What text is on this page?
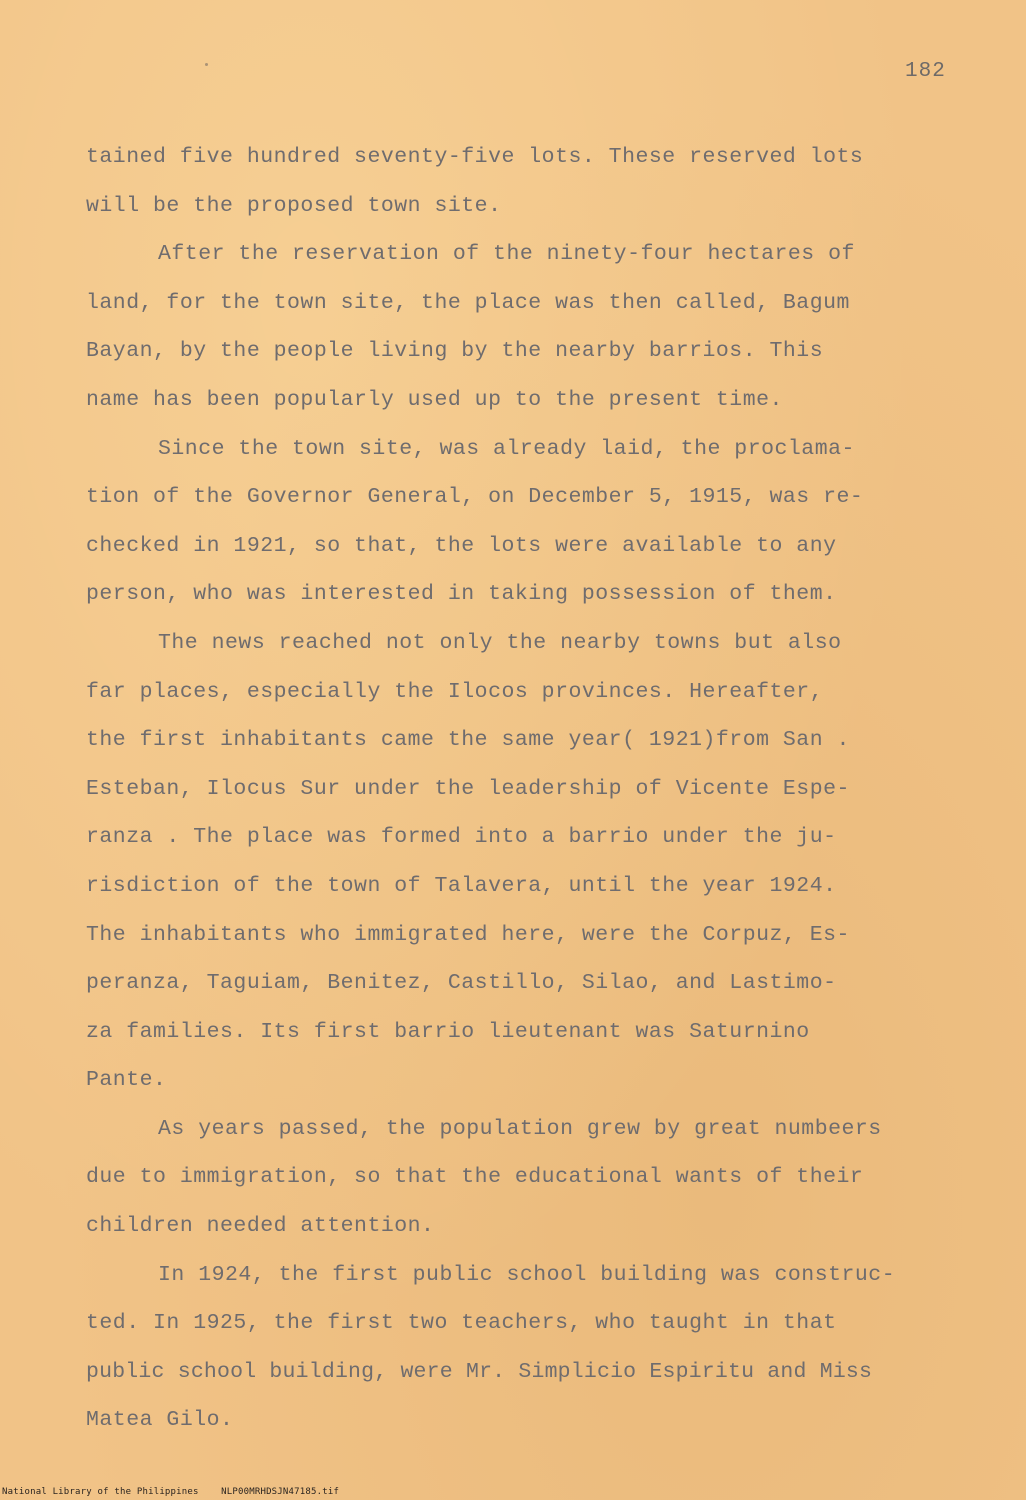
182
tained five hundred seventy-five lots. These reserved lots
will be the proposed town site.
After the reservation of the ninety-four hectares of
land, for the town site, the place was then called, Bagum
Bayan, by the people living by the nearby barrios. This
name has been popularly used up to the present time.
Since the town site, was already laid, the proclama-
tion of the Governor General, on December 5, 1915, was re-
checked in 1921, so that, the lots were available to any
person, who was interested in taking possession of them.
The news reached not only the nearby towns but also
far places, especially the Ilocos provinces. Hereafter,
the first inhabitants came the same year( 1921)from San .
Esteban, Ilocus Sur under the leadership of Vicente Espe-
ranza . The place was formed into a barrio under the ju-
risdiction of the town of Talavera, until the year 1924.
The inhabitants who immigrated here, were the Corpuz, Es-
peranza, Taguiam, Benitez, Castillo, Silao, and Lastimo-
za families. Its first barrio lieutenant was Saturnino
Pante.
As years passed, the population grew by great numbeers
due to immigration, so that the educational wants of their
children needed attention.
In 1924, the first public school building was construc-
ted. In 1925, the first two teachers, who taught in that
public school building, were Mr. Simplicio Espiritu and Miss
Matea Gilo.
National Library of the Philippines    NLP00MRHDSJN47185.tif
